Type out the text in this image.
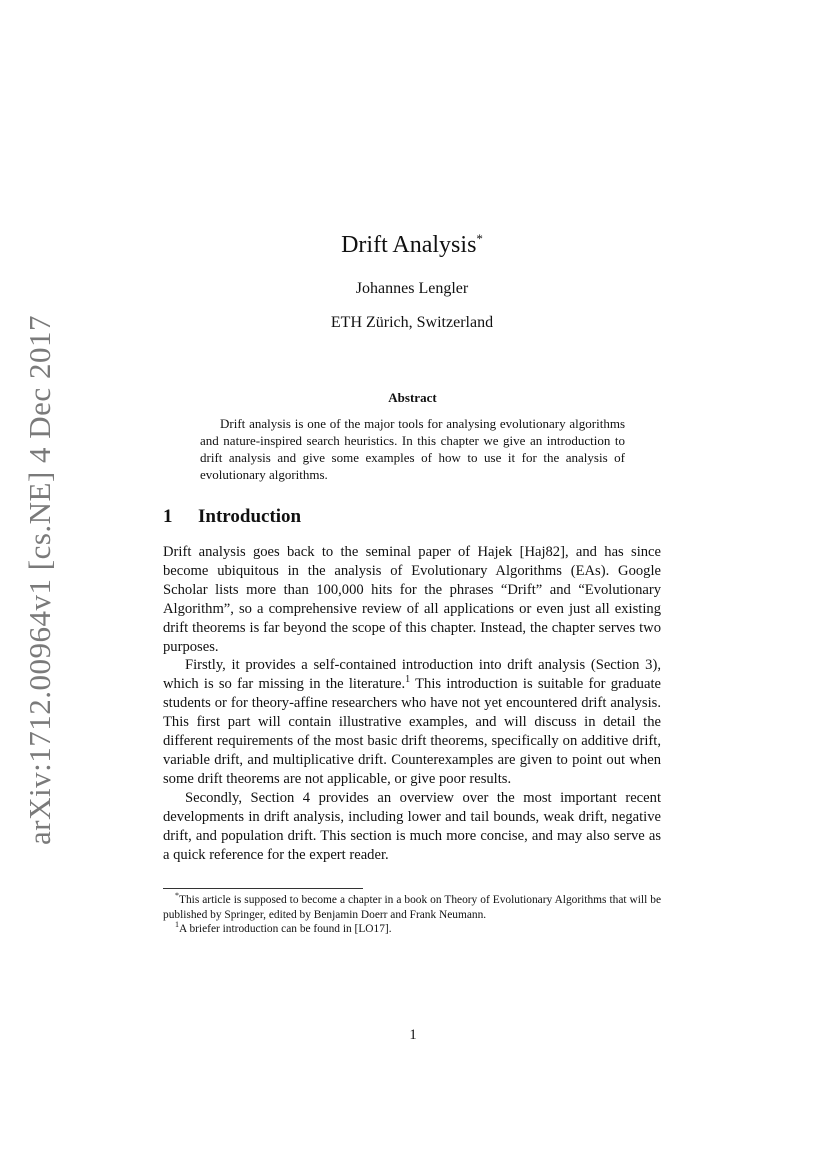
arXiv:1712.00964v1 [cs.NE] 4 Dec 2017
Drift Analysis*
Johannes Lengler
ETH Zürich, Switzerland
Abstract

Drift analysis is one of the major tools for analysing evolutionary algorithms and nature-inspired search heuristics. In this chapter we give an introduction to drift analysis and give some examples of how to use it for the analysis of evolutionary algorithms.

1 Introduction

Drift analysis goes back to the seminal paper of Hajek [Haj82], and has since become ubiquitous in the analysis of Evolutionary Algorithms (EAs). Google Scholar lists more than 100,000 hits for the phrases “Drift” and “Evolutionary Algorithm”, so a comprehensive review of all applications or even just all existing drift theorems is far beyond the scope of this chapter. Instead, the chapter serves two purposes.

Firstly, it provides a self-contained introduction into drift analysis (Section 3), which is so far missing in the literature.$^1$ This introduction is suitable for graduate students or for theory-affine researchers who have not yet encountered drift analysis. This first part will contain illustrative examples, and will discuss in detail the different requirements of the most basic drift theorems, specifically on additive drift, variable drift, and multiplicative drift. Counterexamples are given to point out when some drift theorems are not applicable, or give poor results.

Secondly, Section 4 provides an overview over the most important recent developments in drift analysis, including lower and tail bounds, weak drift, negative drift, and population drift. This section is much more concise, and may also serve as a quick reference for the expert reader.

*This article is supposed to become a chapter in a book on Theory of Evolutionary Algorithms that will be published by Springer, edited by Benjamin Doerr and Frank Neumann.

$^1$A briefer introduction can be found in [LO17].

1
